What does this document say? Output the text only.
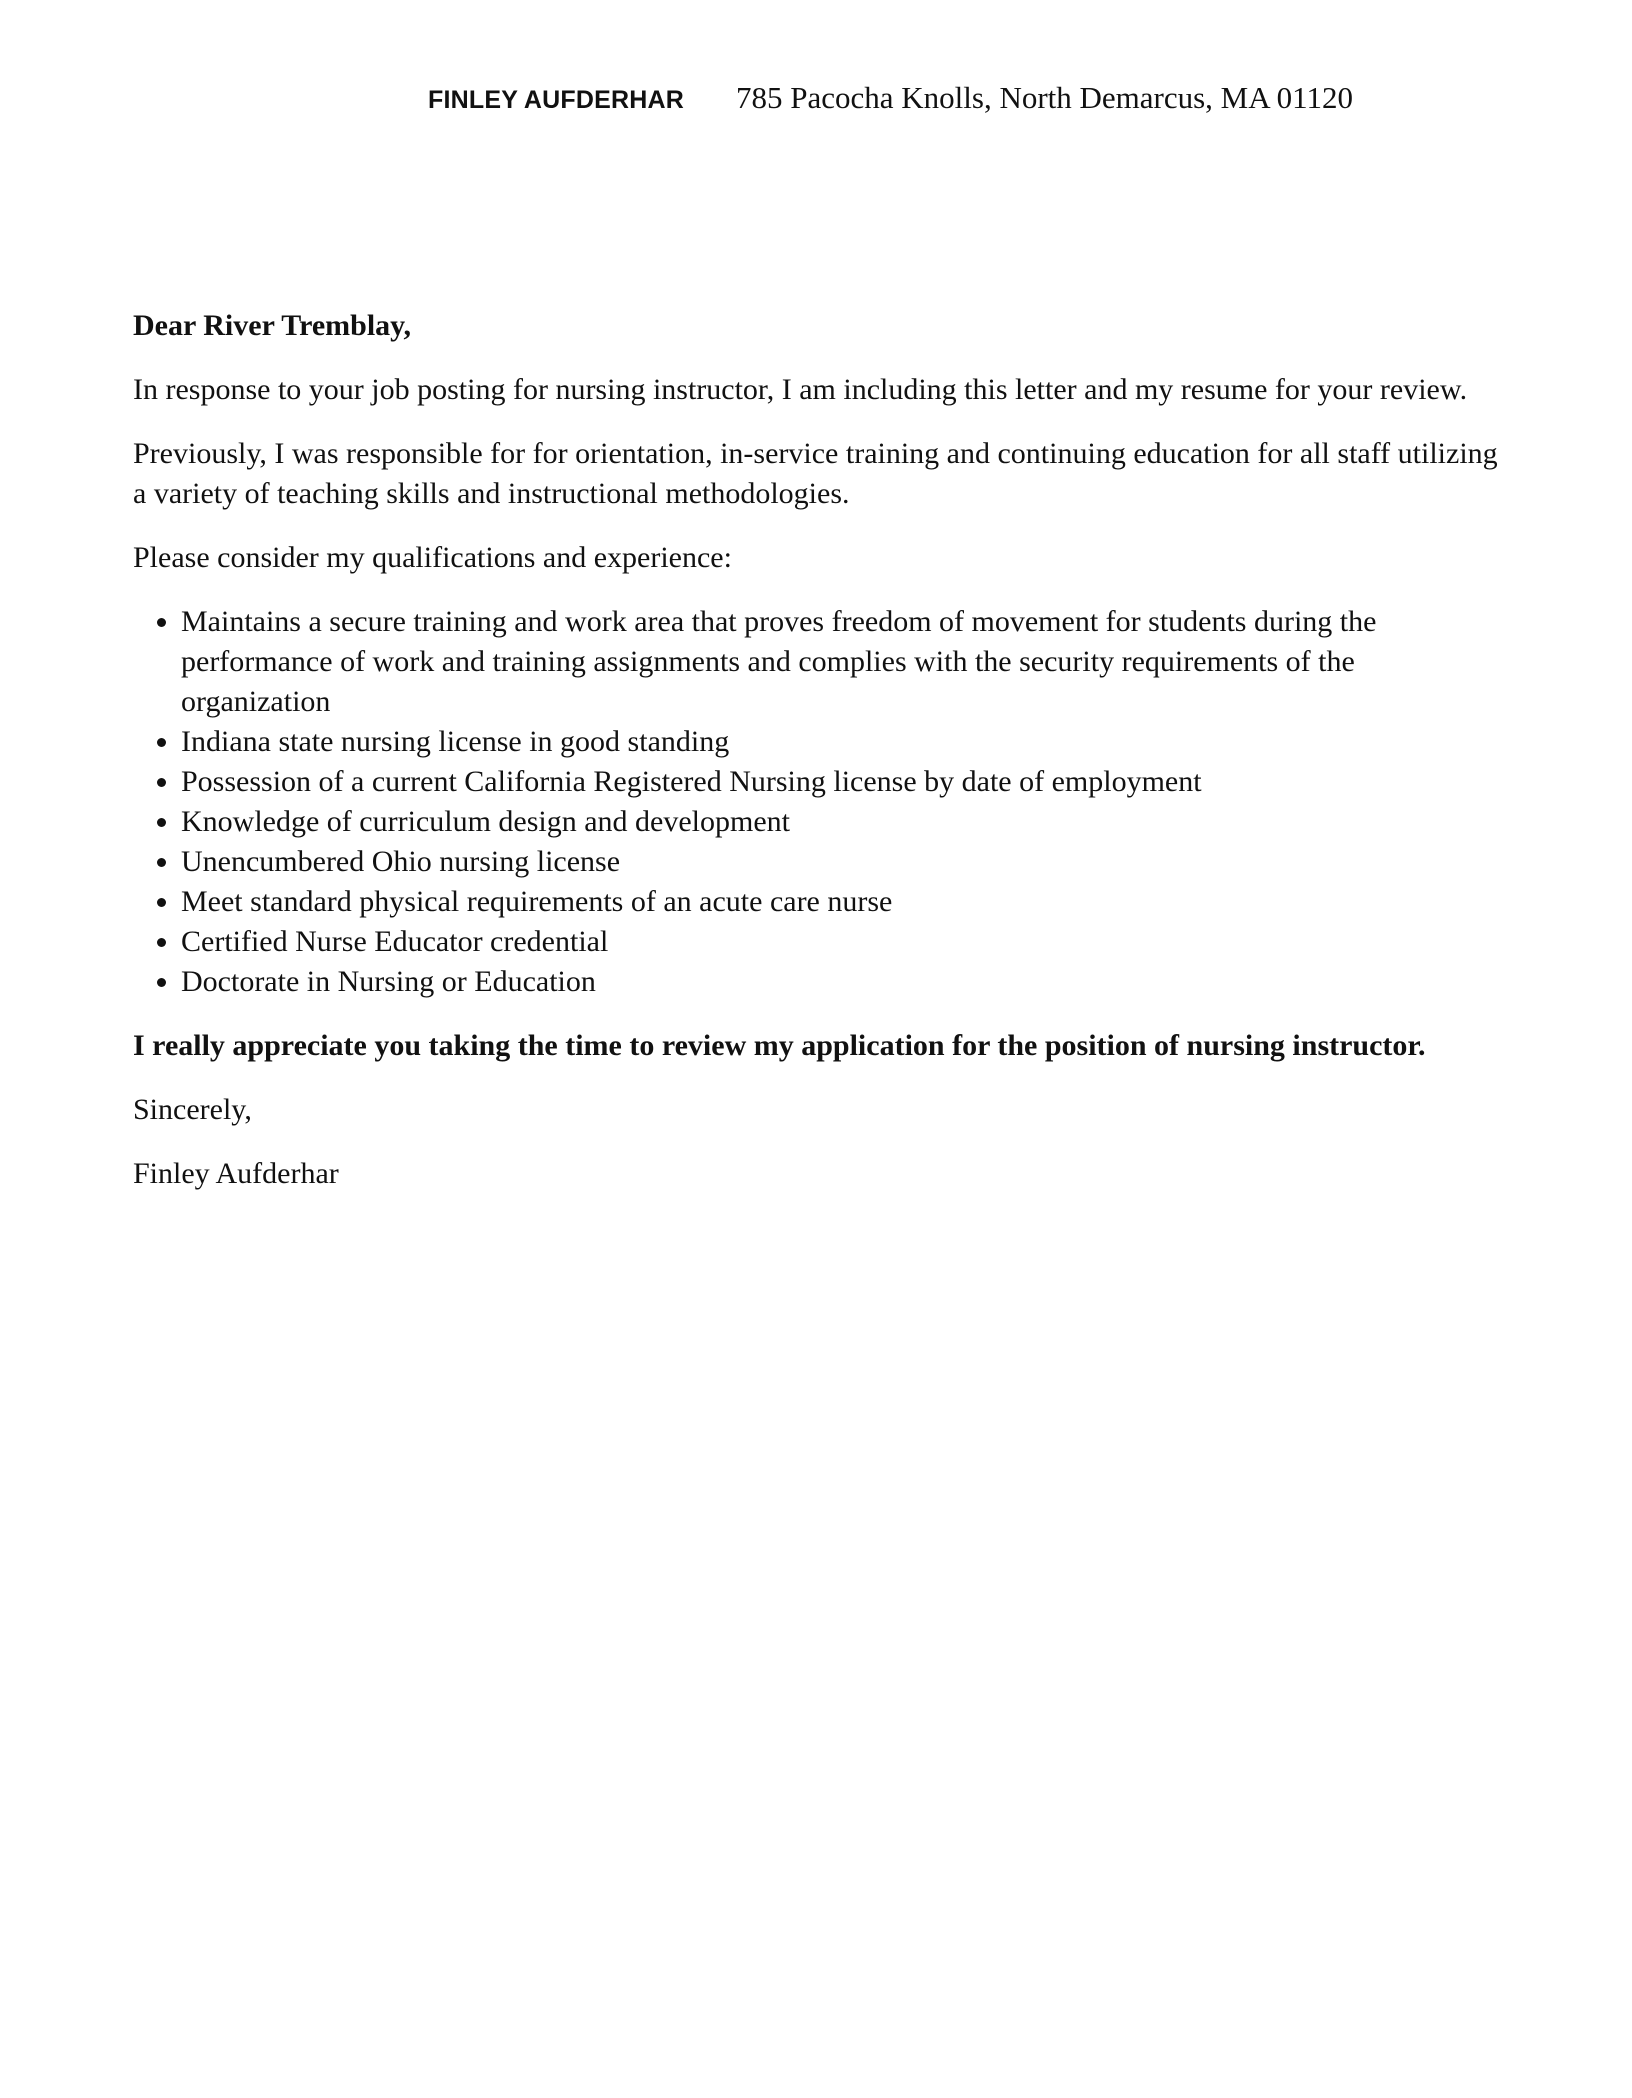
FINLEY AUFDERHAR 785 Pacocha Knolls, North Demarcus, MA 01120

Dear River Tremblay,

In response to your job posting for nursing instructor, I am including this letter and my resume for your review.

Previously, I was responsible for for orientation, in-service training and continuing education for all staff utilizing a variety of teaching skills and instructional methodologies.

Please consider my qualifications and experience:

• Maintains a secure training and work area that proves freedom of movement for students during the performance of work and training assignments and complies with the security requirements of the organization
• Indiana state nursing license in good standing
• Possession of a current California Registered Nursing license by date of employment
• Knowledge of curriculum design and development
• Unencumbered Ohio nursing license
• Meet standard physical requirements of an acute care nurse
• Certified Nurse Educator credential
• Doctorate in Nursing or Education

I really appreciate you taking the time to review my application for the position of nursing instructor.

Sincerely,

Finley Aufderhar
